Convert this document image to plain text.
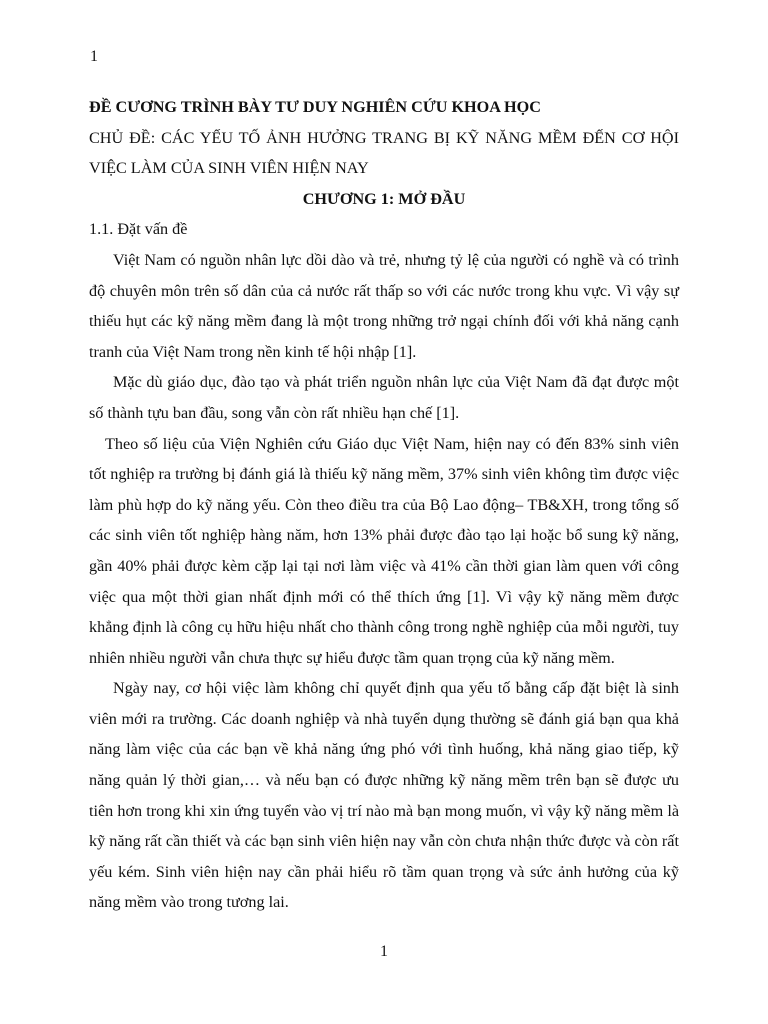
1

ĐỀ CƯƠNG TRÌNH BÀY TƯ DUY NGHIÊN CỨU KHOA HỌC

CHỦ ĐỀ: CÁC YẾU TỐ ẢNH HƯỞNG TRANG BỊ KỸ NĂNG MỀM ĐẾN CƠ HỘI VIỆC LÀM CỦA SINH VIÊN HIỆN NAY

CHƯƠNG 1: MỞ ĐẦU

1.1. Đặt vấn đề

Việt Nam có nguồn nhân lực dồi dào và trẻ, nhưng tỷ lệ của người có nghề và có trình độ chuyên môn trên số dân của cả nước rất thấp so với các nước trong khu vực. Vì vậy sự thiếu hụt các kỹ năng mềm đang là một trong những trở ngại chính đối với khả năng cạnh tranh của Việt Nam trong nền kinh tế hội nhập [1].

Mặc dù giáo dục, đào tạo và phát triển nguồn nhân lực của Việt Nam đã đạt được một số thành tựu ban đầu, song vẫn còn rất nhiều hạn chế [1].

Theo số liệu của Viện Nghiên cứu Giáo dục Việt Nam, hiện nay có đến 83% sinh viên tốt nghiệp ra trường bị đánh giá là thiếu kỹ năng mềm, 37% sinh viên không tìm được việc làm phù hợp do kỹ năng yếu. Còn theo điều tra của Bộ Lao động– TB&XH, trong tổng số các sinh viên tốt nghiệp hàng năm, hơn 13% phải được đào tạo lại hoặc bổ sung kỹ năng, gần 40% phải được kèm cặp lại tại nơi làm việc và 41% cần thời gian làm quen với công việc qua một thời gian nhất định mới có thể thích ứng [1]. Vì vậy kỹ năng mềm được khẳng định là công cụ hữu hiệu nhất cho thành công trong nghề nghiệp của mỗi người, tuy nhiên nhiều người vẫn chưa thực sự hiểu được tầm quan trọng của kỹ năng mềm.

Ngày nay, cơ hội việc làm không chỉ quyết định qua yếu tố bằng cấp đặt biệt là sinh viên mới ra trường. Các doanh nghiệp và nhà tuyển dụng thường sẽ đánh giá bạn qua khả năng làm việc của các bạn về khả năng ứng phó với tình huống, khả năng giao tiếp, kỹ năng quản lý thời gian,… và nếu bạn có được những kỹ năng mềm trên bạn sẽ được ưu tiên hơn trong khi xin ứng tuyển vào vị trí nào mà bạn mong muốn, vì vậy kỹ năng mềm là kỹ năng rất cần thiết và các bạn sinh viên hiện nay vẫn còn chưa nhận thức được và còn rất yếu kém. Sinh viên hiện nay cần phải hiểu rõ tầm quan trọng và sức ảnh hưởng của kỹ năng mềm vào trong tương lai.

1
